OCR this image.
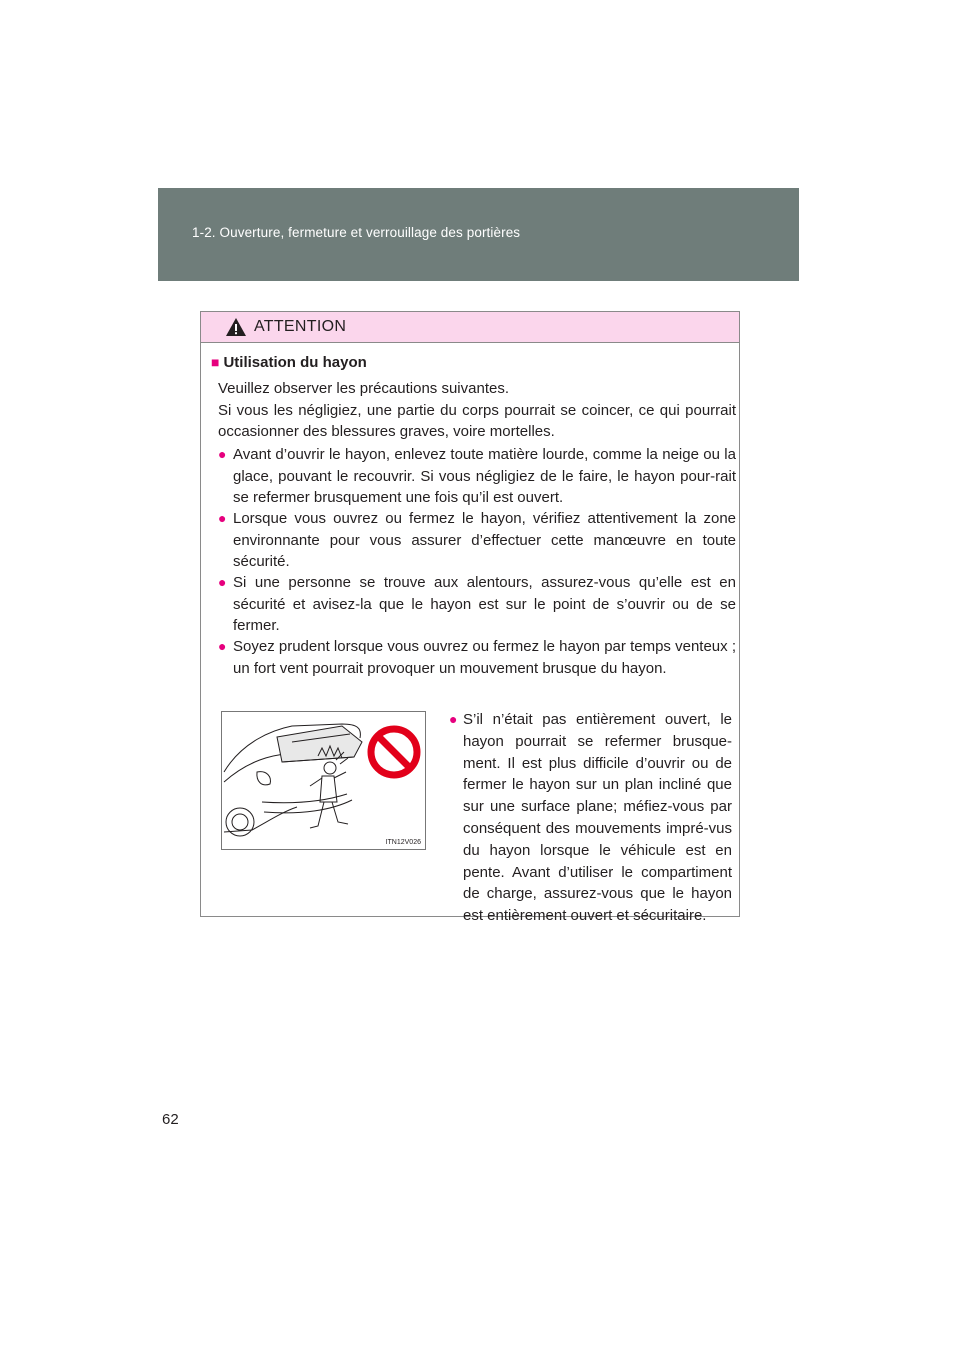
1-2. Ouverture, fermeture et verrouillage des portières
ATTENTION
■ Utilisation du hayon
Veuillez observer les précautions suivantes.
Si vous les négligiez, une partie du corps pourrait se coincer, ce qui pourrait occasionner des blessures graves, voire mortelles.
● Avant d’ouvrir le hayon, enlevez toute matière lourde, comme la neige ou la glace, pouvant le recouvrir. Si vous négligiez de le faire, le hayon pour-rait se refermer brusquement une fois qu’il est ouvert.
● Lorsque vous ouvrez ou fermez le hayon, vérifiez attentivement la zone environnante pour vous assurer d’effectuer cette manœuvre en toute sécurité.
● Si une personne se trouve aux alentours, assurez-vous qu’elle est en sécurité et avisez-la que le hayon est sur le point de s’ouvrir ou de se fermer.
● Soyez prudent lorsque vous ouvrez ou fermez le hayon par temps venteux ; un fort vent pourrait provoquer un mouvement brusque du hayon.
ITN12V026
● S’il n’était pas entièrement ouvert, le hayon pourrait se refermer brusque-ment. Il est plus difficile d’ouvrir ou de fermer le hayon sur un plan incliné que sur une surface plane; méfiez-vous par conséquent des mouvements impré-vus du hayon lorsque le véhicule est en pente. Avant d’utiliser le compartiment de charge, assurez-vous que le hayon est entièrement ouvert et sécuritaire.
62
